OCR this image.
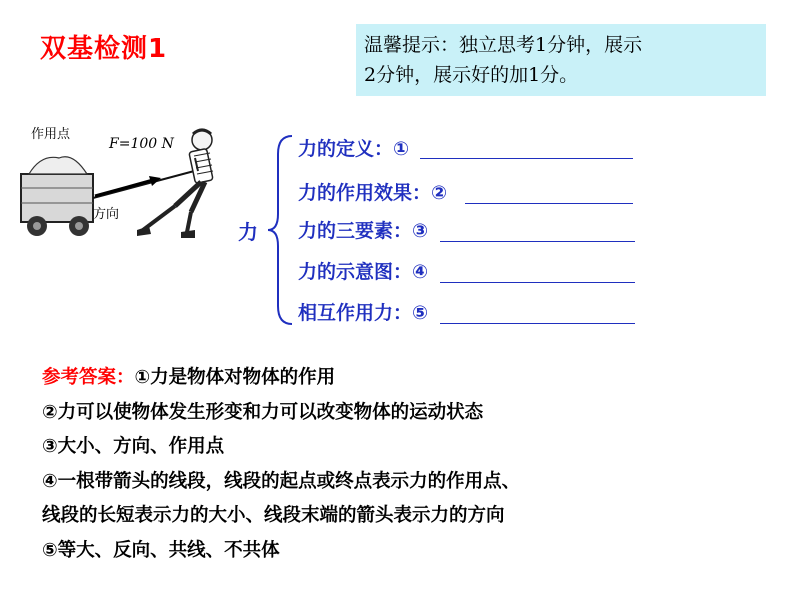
双基检测1	温馨提示：独立思考1分钟，展示
2分钟，展示好的加1分。
作用点
F=100 N
方向
力
力的定义：①
力的作用效果：②
力的三要素：③
力的示意图：④
相互作用力：⑤
参考答案：①力是物体对物体的作用
②力可以使物体发生形变和力可以改变物体的运动状态
③大小、方向、作用点
④一根带箭头的线段，线段的起点或终点表示力的作用点、
线段的长短表示力的大小、线段末端的箭头表示力的方向
⑤等大、反向、共线、不共体
